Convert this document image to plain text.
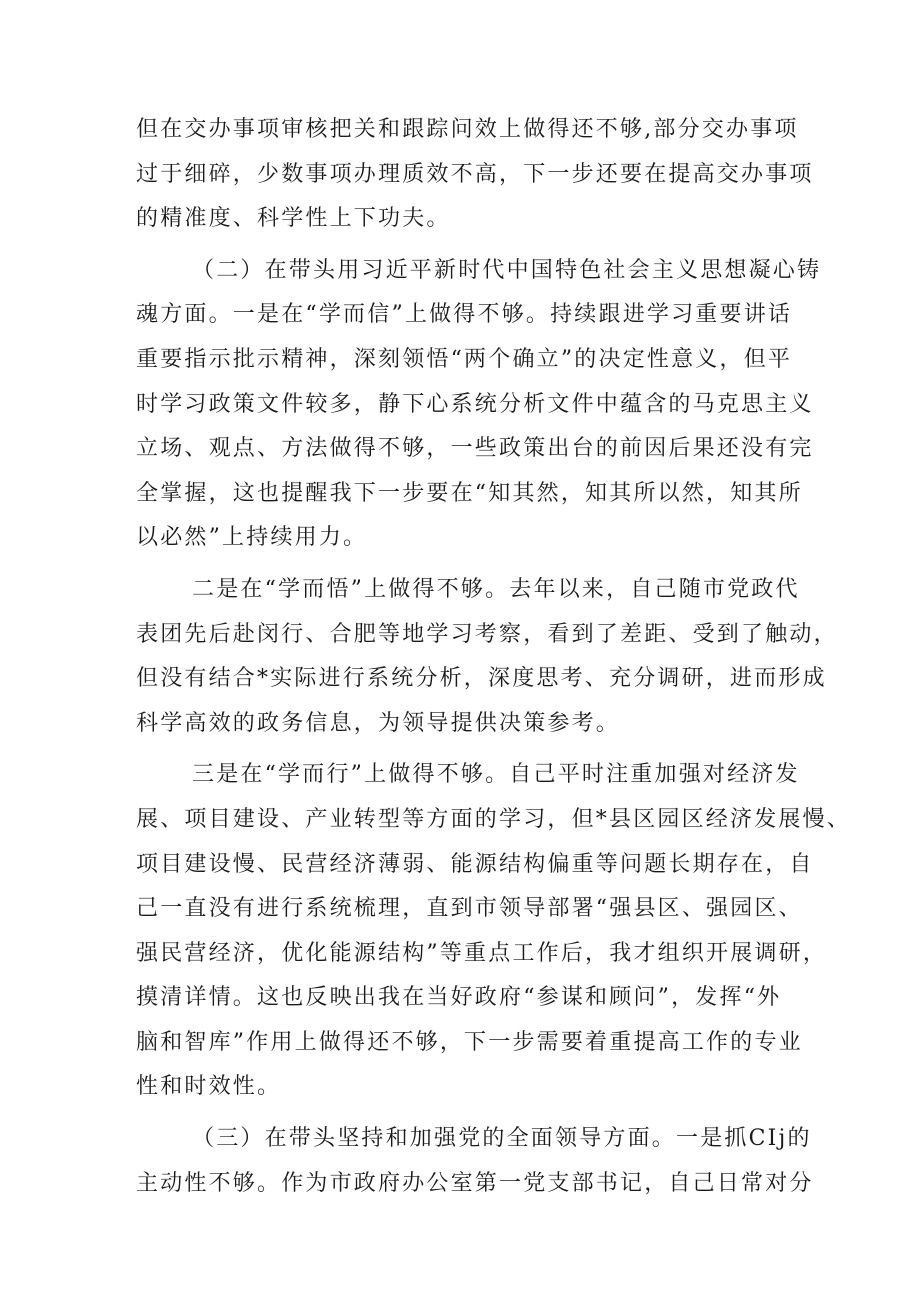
但在交办事项审核把关和跟踪问效上做得还不够,部分交办事项
过于细碎，少数事项办理质效不高，下一步还要在提高交办事项
的精准度、科学性上下功夫。
（二）在带头用习近平新时代中国特色社会主义思想凝心铸
魂方面。一是在“学而信”上做得不够。持续跟进学习重要讲话
重要指示批示精神，深刻领悟“两个确立”的决定性意义，但平
时学习政策文件较多，静下心系统分析文件中蕴含的马克思主义
立场、观点、方法做得不够，一些政策出台的前因后果还没有完
全掌握，这也提醒我下一步要在“知其然，知其所以然，知其所
以必然”上持续用力。
二是在“学而悟”上做得不够。去年以来，自己随市党政代
表团先后赴闵行、合肥等地学习考察，看到了差距、受到了触动，
但没有结合*实际进行系统分析，深度思考、充分调研，进而形成
科学高效的政务信息，为领导提供决策参考。
三是在“学而行”上做得不够。自己平时注重加强对经济发
展、项目建设、产业转型等方面的学习，但*县区园区经济发展慢、
项目建设慢、民营经济薄弱、能源结构偏重等问题长期存在，自
己一直没有进行系统梳理，直到市领导部署“强县区、强园区、
强民营经济，优化能源结构”等重点工作后，我才组织开展调研，
摸清详情。这也反映出我在当好政府“参谋和顾问”，发挥“外
脑和智库”作用上做得还不够，下一步需要着重提高工作的专业
性和时效性。
（三）在带头坚持和加强党的全面领导方面。一是抓CIj的
主动性不够。作为市政府办公室第一党支部书记，自己日常对分
